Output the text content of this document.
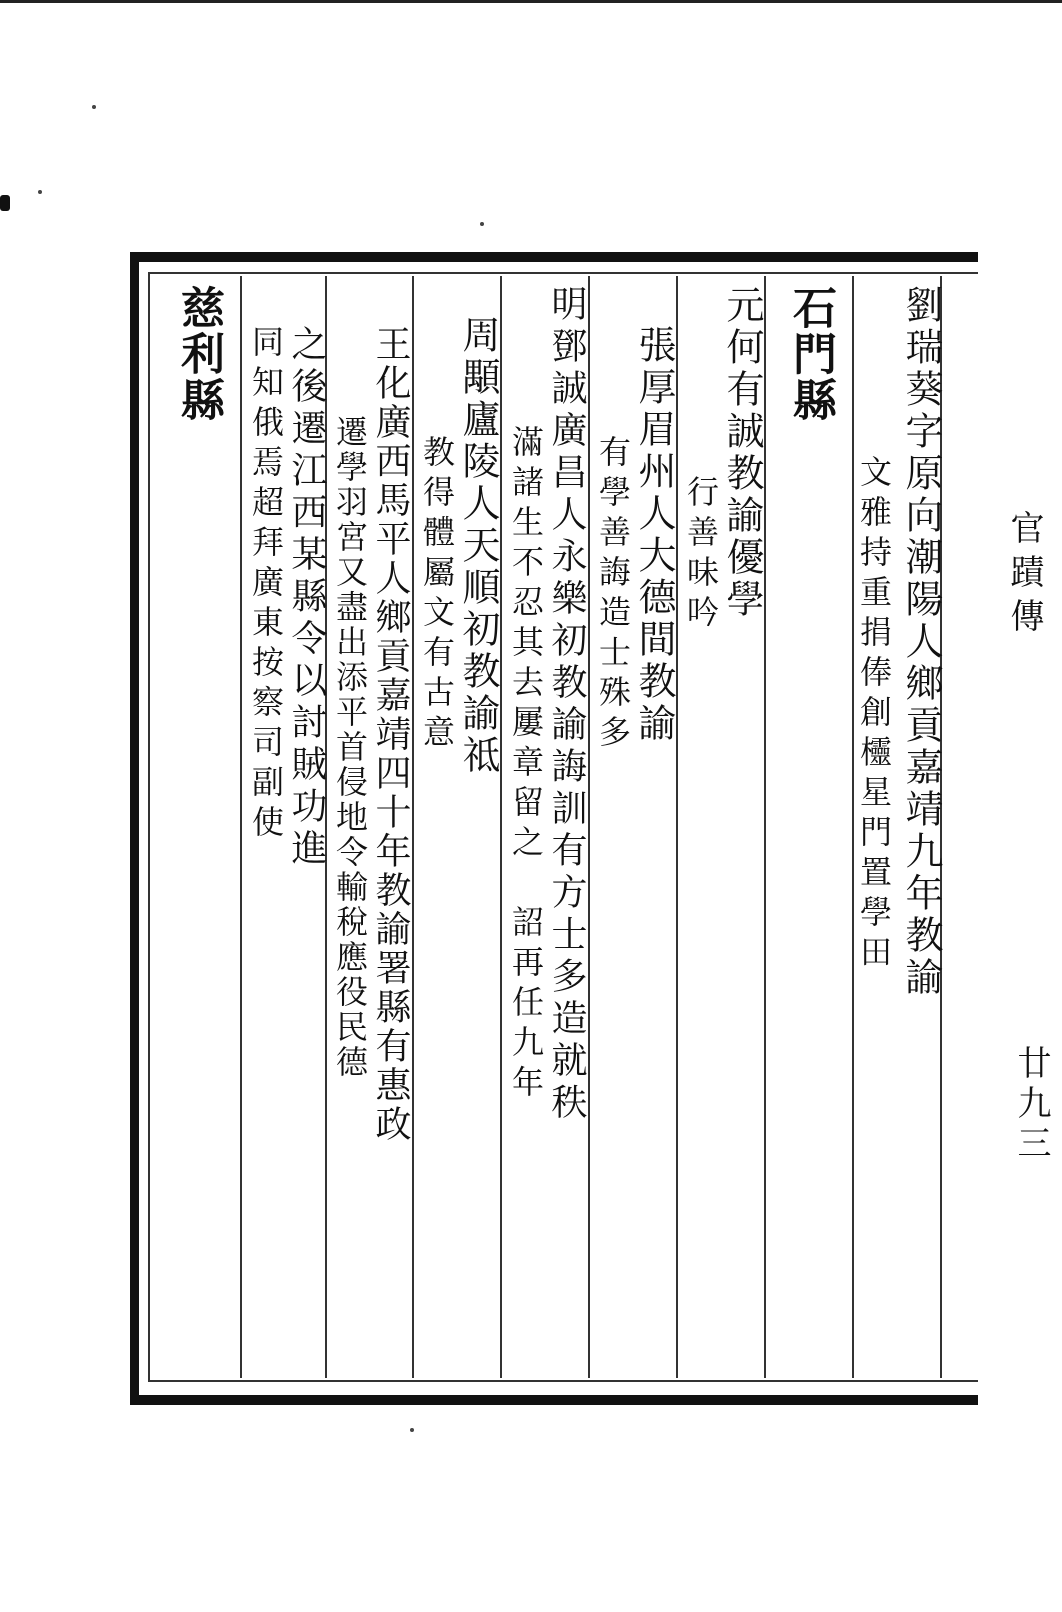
官蹟傳
廿九三

劉瑞葵字原向潮陽人鄉貢嘉靖九年教諭

文雅持重捐俸創欞星門置學田

石門縣

元何有誠教諭優學

行善味吟

張厚眉州人大德間教諭

有學善誨造士殊多

明鄧誠廣昌人永樂初教諭誨訓有方士多造就秩

滿諸生不忍其去屢章留之　詔再任九年

周顒廬陵人天順初教諭祗

教得體屬文有古意

王化廣西馬平人鄉貢嘉靖四十年教諭署縣有惠政

遷學羽宮又盡出添平首侵地令輸稅應役民德

之後遷江西某縣令以討賊功進

同知俄焉超拜廣東按察司副使

慈利縣
